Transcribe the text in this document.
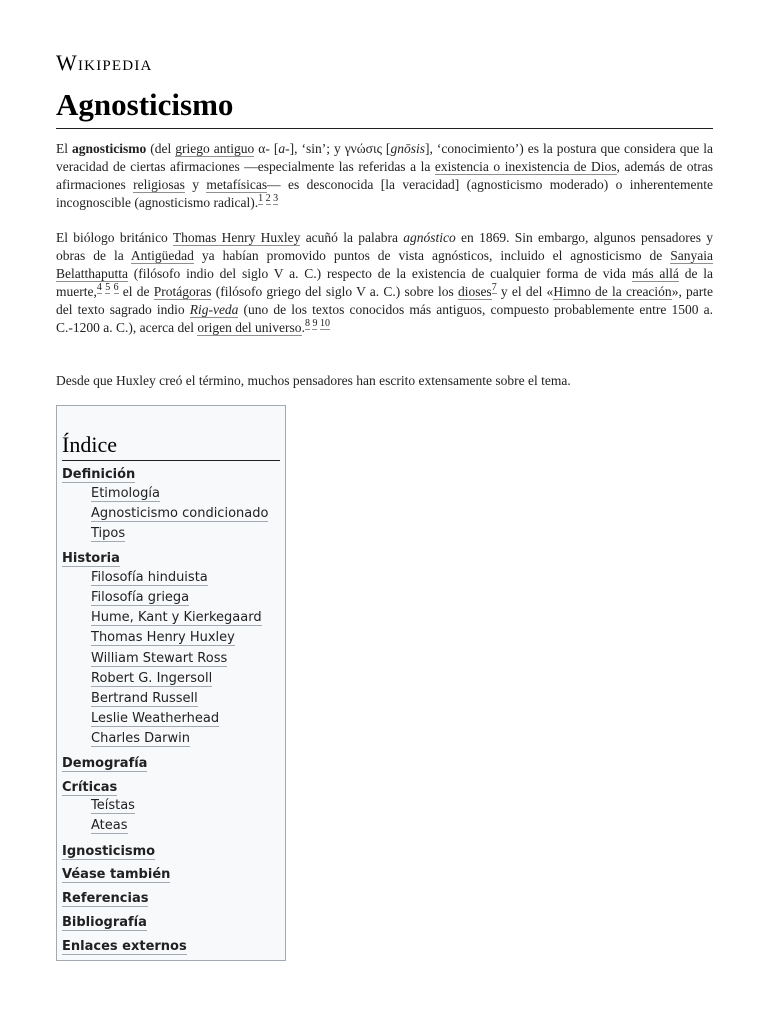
Wikipedia
Agnosticismo
El agnosticismo (del griego antiguo α- [a-], ‘sin’; y γνώσις [gnōsis], ‘conocimiento’) es la postura que considera que la veracidad de ciertas afirmaciones —especialmente las referidas a la existencia o inexistencia de Dios, además de otras afirmaciones religiosas y metafísicas— es desconocida [la veracidad] (agnosticismo moderado) o inherentemente incognoscible (agnosticismo radical).$^{1 2 3}$
El biólogo británico Thomas Henry Huxley acuñó la palabra agnóstico en 1869. Sin embargo, algunos pensadores y obras de la Antigüedad ya habían promovido puntos de vista agnósticos, incluido el agnosticismo de Sanyaia Belatthaputta (filósofo indio del siglo V a. C.) respecto de la existencia de cualquier forma de vida más allá de la muerte,$^{4 5 6}$ el de Protágoras (filósofo griego del siglo V a. C.) sobre los dioses$^7$ y el del «Himno de la creación», parte del texto sagrado indio Rig-veda (uno de los textos conocidos más antiguos, compuesto probablemente entre 1500 a. C.-1200 a. C.), acerca del origen del universo.$^{8 9 10}$
Desde que Huxley creó el término, muchos pensadores han escrito extensamente sobre el tema.
Índice
Definición
Etimología
Agnosticismo condicionado
Tipos
Historia
Filosofía hinduista
Filosofía griega
Hume, Kant y Kierkegaard
Thomas Henry Huxley
William Stewart Ross
Robert G. Ingersoll
Bertrand Russell
Leslie Weatherhead
Charles Darwin
Demografía
Críticas
Teístas
Ateas
Ignosticismo
Véase también
Referencias
Bibliografía
Enlaces externos
